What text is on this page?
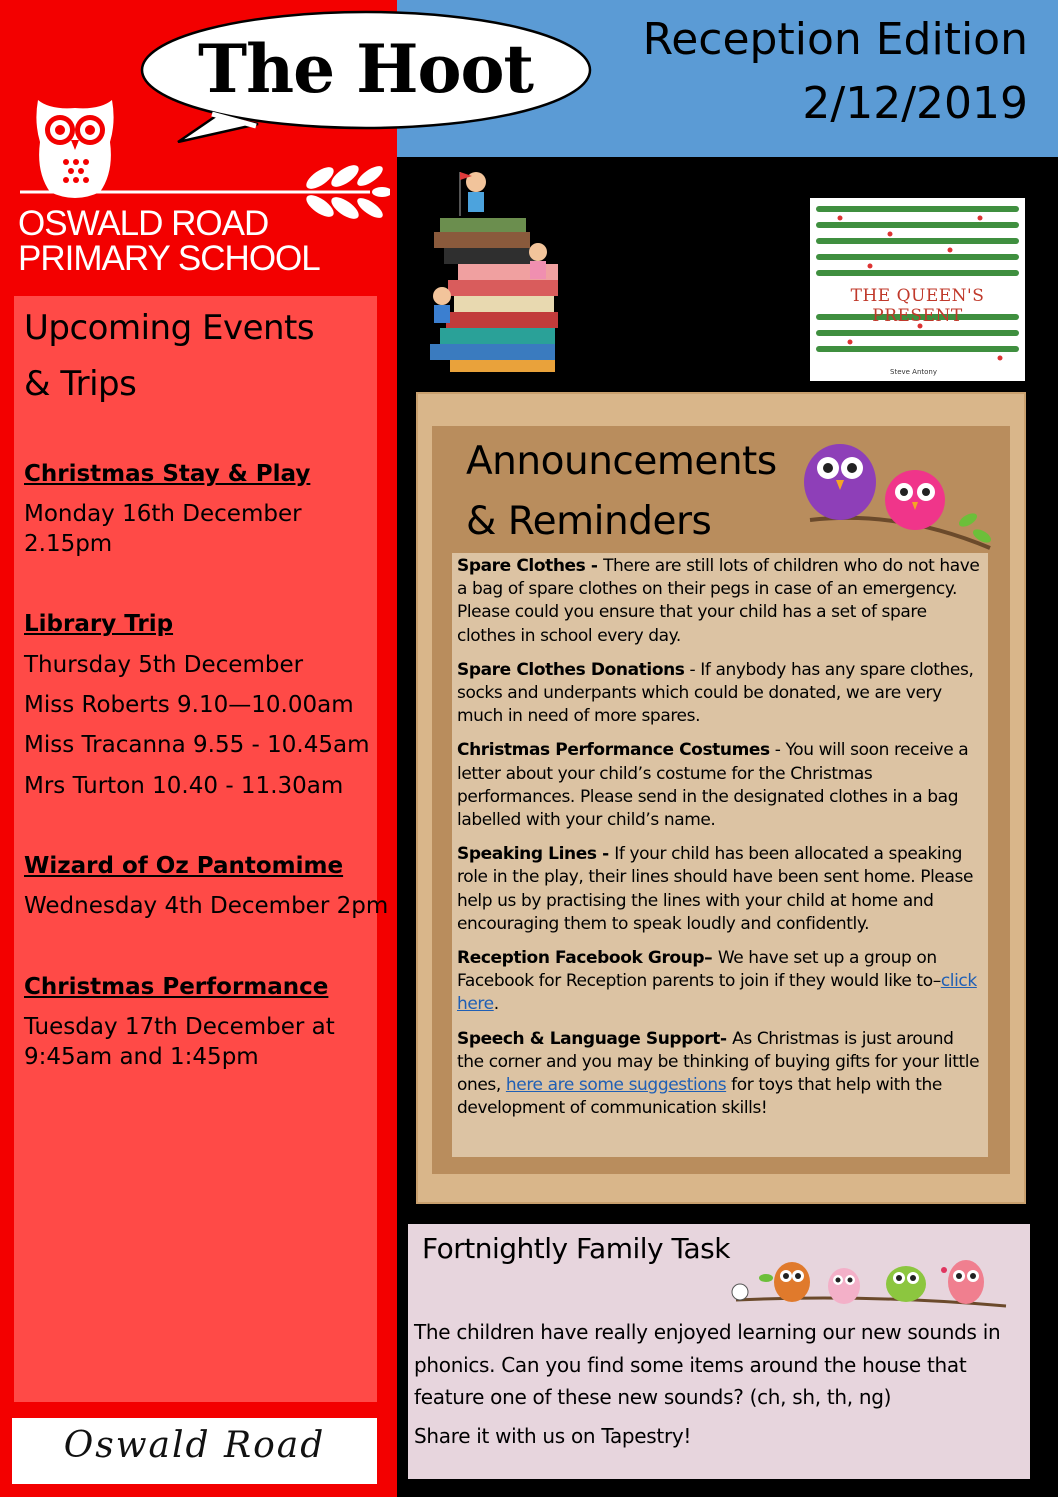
The Hoot	Reception Edition
2/12/2019
OSWALD ROAD
PRIMARY SCHOOL
Upcoming Events
& Trips
Christmas Stay & Play
Monday 16th December
2.15pm
Library Trip
Thursday 5th December
Miss Roberts 9.10—10.00am
Miss Tracanna 9.55 - 10.45am
Mrs Turton 10.40 - 11.30am
Wizard of Oz Pantomime
Wednesday 4th December 2pm
Christmas Performance
Tuesday 17th December at
9:45am and 1:45pm
Oswald Road
THE QUEEN'S PRESENT
Steve Antony
Announcements
& Reminders

Spare Clothes - There are still lots of children who do not have a bag of spare clothes on their pegs in case of an emergency. Please could you ensure that your child has a set of spare clothes in school every day.

Spare Clothes Donations - If anybody has any spare clothes, socks and underpants which could be donated, we are very much in need of more spares.

Christmas Performance Costumes - You will soon receive a letter about your child’s costume for the Christmas performances. Please send in the designated clothes in a bag labelled with your child’s name.

Speaking Lines - If your child has been allocated a speaking role in the play, their lines should have been sent home. Please help us by practising the lines with your child at home and encouraging them to speak loudly and confidently.

Reception Facebook Group– We have set up a group on Facebook for Reception parents to join if they would like to–click here.

Speech & Language Support- As Christmas is just around the corner and you may be thinking of buying gifts for your little ones, here are some suggestions for toys that help with the development of communication skills!

Fortnightly Family Task
The children have really enjoyed learning our new sounds in phonics. Can you find some items around the house that feature one of these new sounds? (ch, sh, th, ng)
Share it with us on Tapestry!
